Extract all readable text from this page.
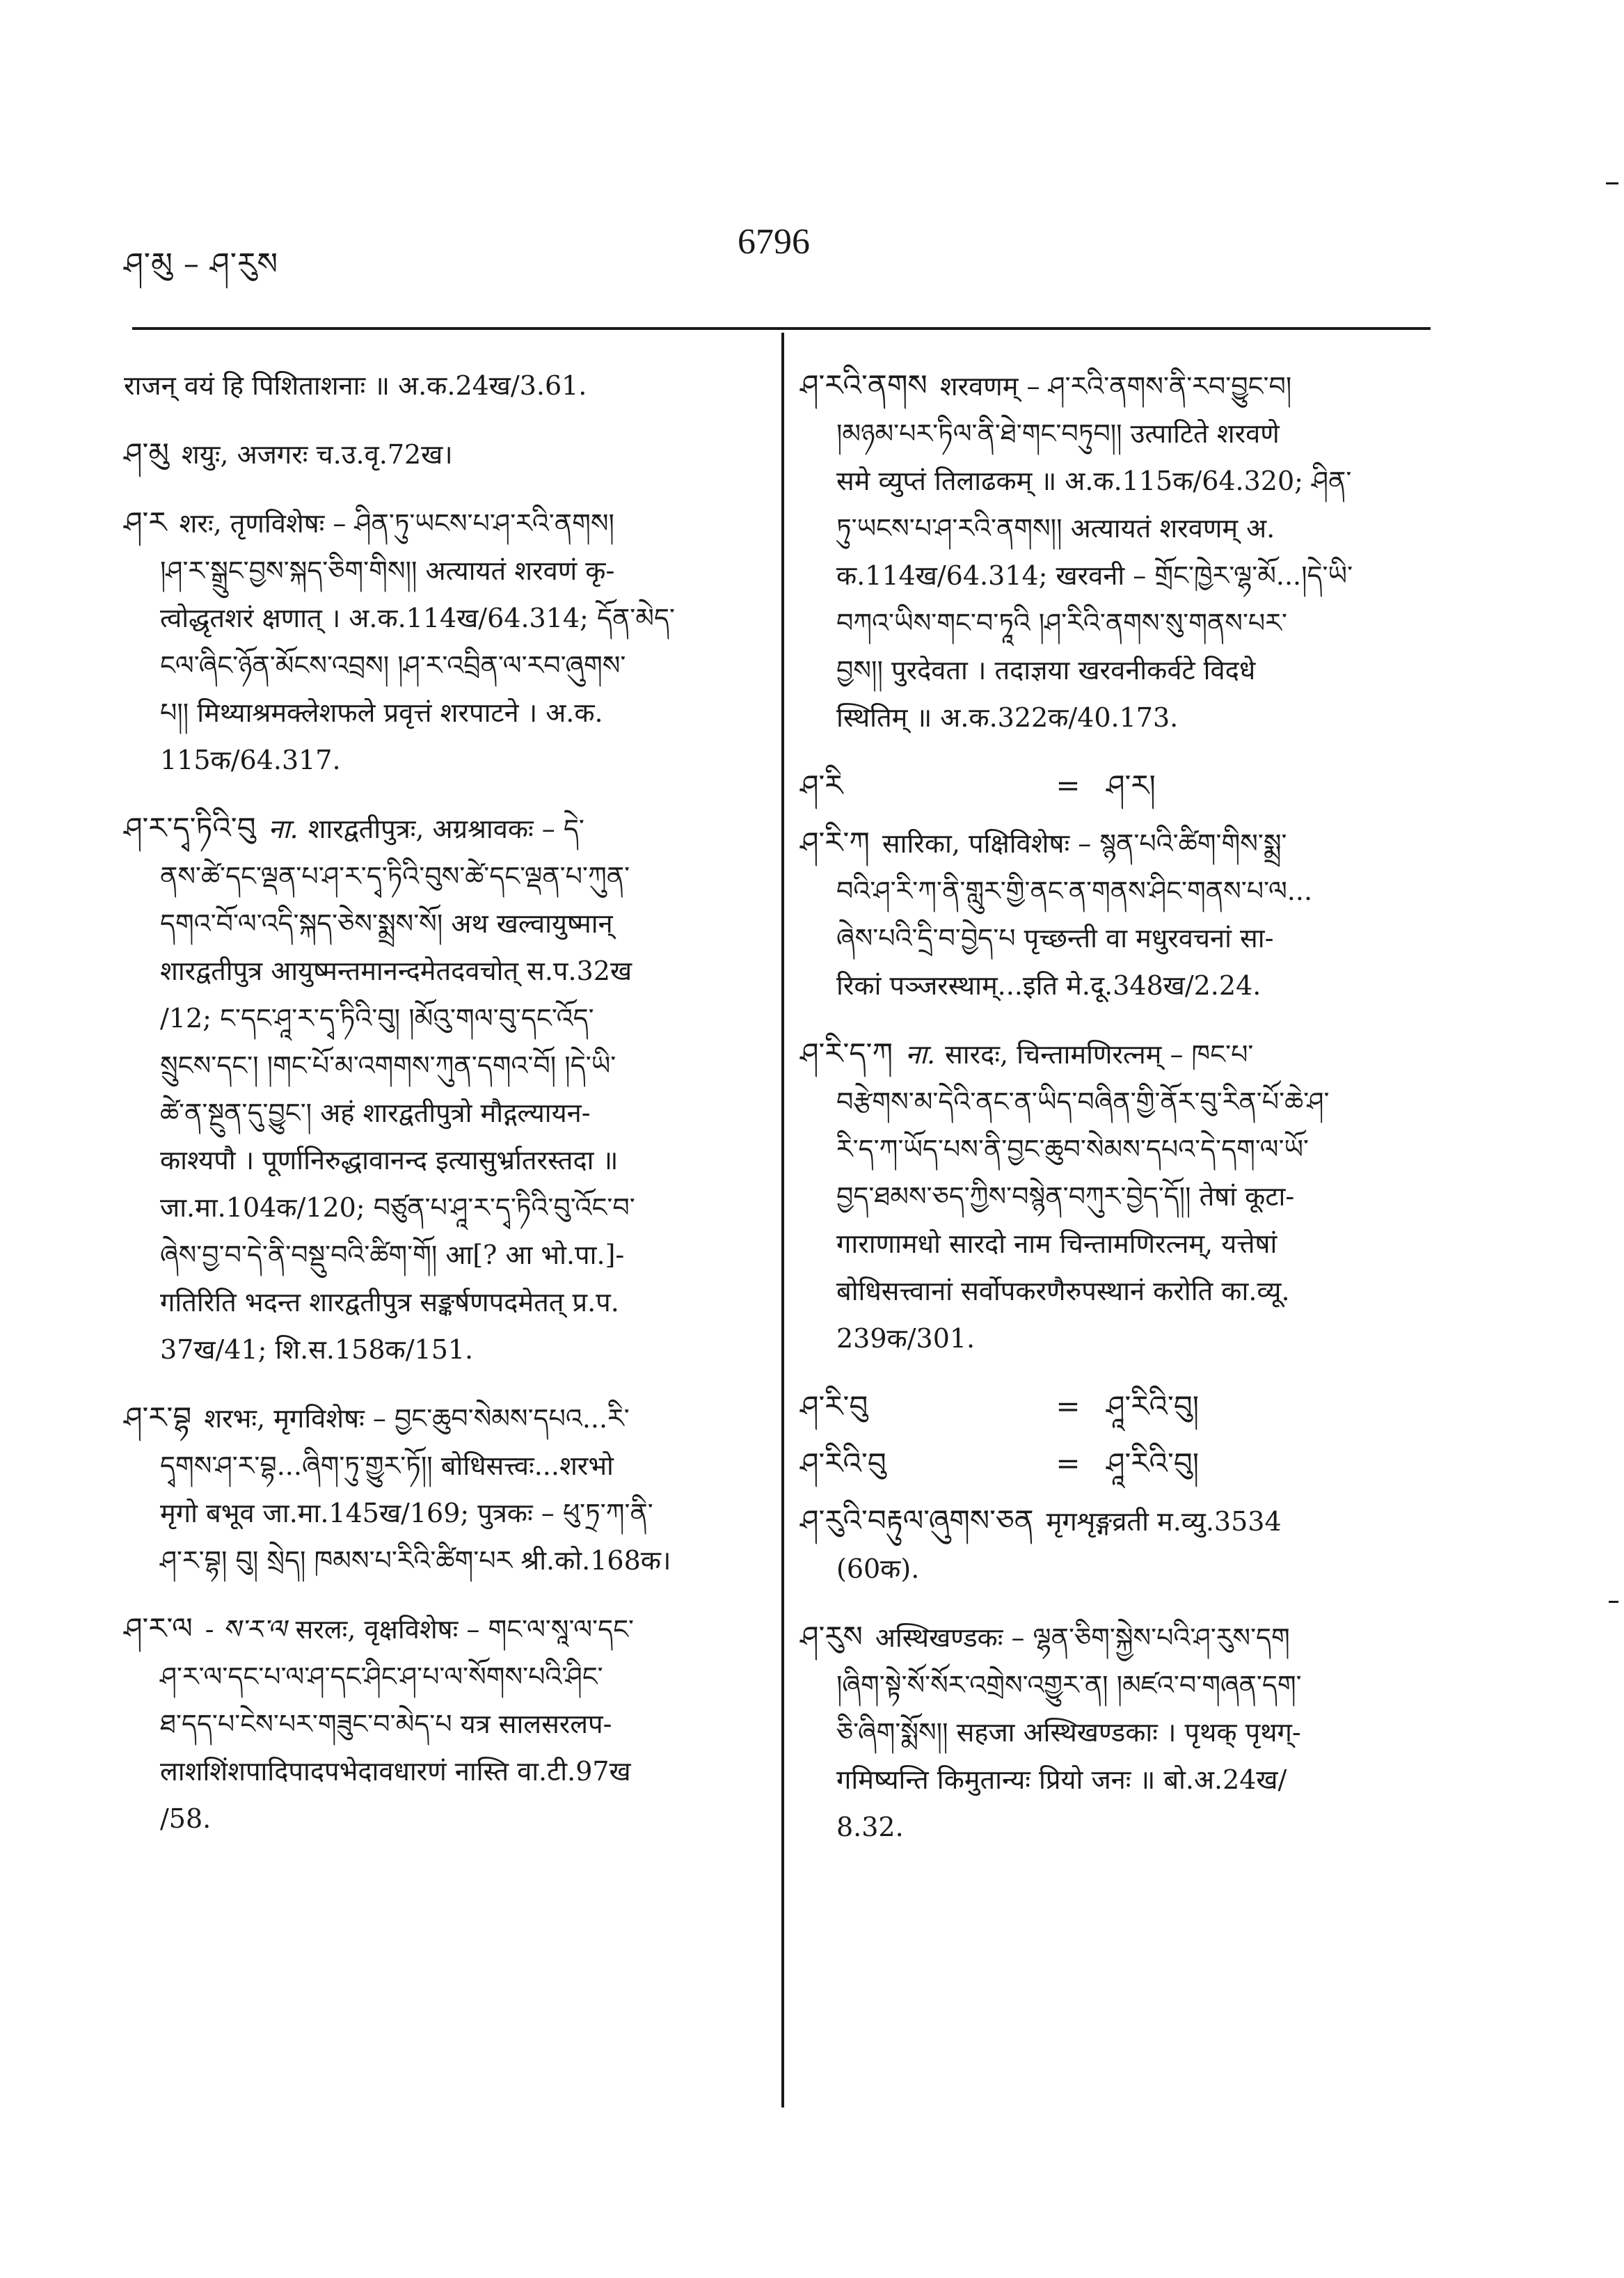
ཤ་མུ – ཤ་རུས
6796
राजन् वयं हि पिशिताशनाः ॥ अ.क.24ख/3.61.
ཤ་མུ शयुः, अजगरः च.उ.वृ.72ख।
ཤ་ར शरः, तृणविशेषः – ཤིན་ཏུ་ཡངས་པ་ཤ་རའི་ནགས།
།ཤ་ར་སྒྲུང་བྱས་སྐད་ཅིག་གིས།། अत्यायतं शरवणं कृ-
त्वोद्धृतशरं क्षणात् । अ.क.114ख/64.314; དོན་མེད་
ངལ་ཞིང་ཉོན་མོངས་འབྲས། །ཤ་ར་འབྲིན་ལ་རབ་ཞུགས་
པ།། मिथ्याश्रमक्लेशफले प्रवृत्तं शरपाटने । अ.क.
115क/64.317.
ཤ་ར་དྭ་ཏིའི་བུ ना. शारद्वतीपुत्रः, अग्रश्रावकः – དེ་
ནས་ཚེ་དང་ལྡན་པ་ཤ་ར་དྭ་ཏིའི་བུས་ཚེ་དང་ལྡན་པ་ཀུན་
དགའ་བོ་ལ་འདི་སྐད་ཅེས་སྨྲས་སོ། अथ खल्वायुष्मान्
शारद्वतीपुत्र आयुष्मन्तमानन्दमेतदवचोत् स.प.32ख
/12; ང་དང་ཤཱ་ར་དྭ་ཏིའི་བུ། །མོའུ་གལ་བུ་དང་འོད་
སྲུངས་དང་། །གང་པོ་མ་འགགས་ཀུན་དགའ་བོ། །དེ་ཡི་
ཚེ་ན་སྔུན་དུ་བྱུང་། अहं शारद्वतीपुत्रो मौद्गल्यायन-
काश्यपौ । पूर्णानिरुद्धावानन्द इत्यासुर्भ्रातरस्तदा ॥
जा.मा.104क/120; བཙུན་པ་ཤཱ་ར་དྭ་ཏིའི་བུ་འོང་བ་
ཞེས་བྱ་བ་དེ་ནི་བསྡུ་བའི་ཚིག་གོ། आ[? आ भो.पा.]-
गतिरिति भदन्त शारद्वतीपुत्र सङ्कर्षणपदमेतत् प्र.प.
37ख/41; शि.स.158क/151.
ཤ་ར་བྷ शरभः, मृगविशेषः – བྱང་ཆུབ་སེམས་དཔའ...རི་
དྭགས་ཤ་ར་བྷ...ཞིག་ཏུ་གྱུར་ཏོ།། बोधिसत्त्वः...शरभो
मृगो बभूव जा.मा.145ख/169; पुत्रकः – ཕུ་ཏྲ་ཀ་ནི་
ཤ་ར་བྷ། བུ། སྲེད། ཁམས་པ་རིའི་ཚིག་པར श्री.को.168क।
ཤ་ར་ལ - ས་ར་ལ सरलः, वृक्षविशेषः – གང་ལ་སཱ་ལ་དང་
ཤ་ར་ལ་དང་པ་ལ་ཤ་དང་ཤིང་ཤ་པ་ལ་སོགས་པའི་ཤིང་
ཐ་དད་པ་ངེས་པར་གཟུང་བ་མེད་པ यत्र सालसरलप-
लाशशिंशपादिपादपभेदावधारणं नास्ति वा.टी.97ख
/58.
ཤ་རའི་ནགས शरवणम् – ཤ་རའི་ནགས་ནི་རབ་བྱུང་བ།
།མཉམ་པར་ཏིལ་ནི་ཐེ་གང་བཏུབ།། उत्पाटिते शरवणे
समे व्युप्तं तिलाढकम् ॥ अ.क.115क/64.320; ཤིན་
ཏུ་ཡངས་པ་ཤ་རའི་ནགས།། अत्यायतं शरवणम् अ.
क.114ख/64.314; खरवनी – གྲོང་ཁྱེར་ལྷ་མོ...།དེ་ཡི་
བཀའ་ཡིས་གང་བ་ཏཱའི །ཤ་རིའི་ནགས་སུ་གནས་པར་
བྱས།། पुरदेवता । तदाज्ञया खरवनीकर्वटे विदधे
स्थितिम् ॥ अ.क.322क/40.173.
ཤ་རི	= ཤ་ར།
ཤ་རི་ཀ सारिका, पक्षिविशेषः – སྙན་པའི་ཚིག་གིས་སྨྲ་
བའི་ཤ་རི་ཀ་ནི་གླུར་གྱི་ནང་ན་གནས་ཤིང་གནས་པ་ལ...
ཞེས་པའི་དྲི་བ་བྱེད་པ पृच्छन्ती वा मधुरवचनां सा-
रिकां पञ्जरस्थाम्...इति मे.दू.348ख/2.24.
ཤ་རི་ད་ཀ ना. सारदः, चिन्तामणिरत्नम् – ཁང་པ་
བརྩེགས་མ་དེའི་ནང་ན་ཡིད་བཞིན་གྱི་ནོར་བུ་རིན་པོ་ཆེ་ཤ་
རི་ད་ཀ་ཡོད་པས་ནི་བྱང་ཆུབ་སེམས་དཔའ་དེ་དག་ལ་ཡོ་
བྱད་ཐམས་ཅད་ཀྱིས་བསྙེན་བཀུར་བྱེད་དོ།། तेषां कूटा-
गाराणामधो सारदो नाम चिन्तामणिरत्नम्, यत्तेषां
बोधिसत्त्वानां सर्वोपकरणैरुपस्थानं करोति का.व्यू.
239क/301.
ཤ་རི་བུ	= ཤཱ་རིའི་བུ།
ཤ་རིའི་བུ	= ཤཱ་རིའི་བུ།
ཤ་རུའི་བརྟུལ་ཞུགས་ཅན मृगशृङ्गव्रती म.व्यु.3534
(60क).
ཤ་རུས अस्थिखण्डकः – ལྷན་ཅིག་སྐྱེས་པའི་ཤ་རུས་དག
།ཞིག་སྟེ་སོ་སོར་འགྲེས་འགྱུར་ན། །མཛའ་བ་གཞན་དག་
ཅི་ཞིག་སྨོས།། सहजा अस्थिखण्डकाः । पृथक् पृथग्-
गमिष्यन्ति किमुतान्यः प्रियो जनः ॥ बो.अ.24ख/
8.32.
